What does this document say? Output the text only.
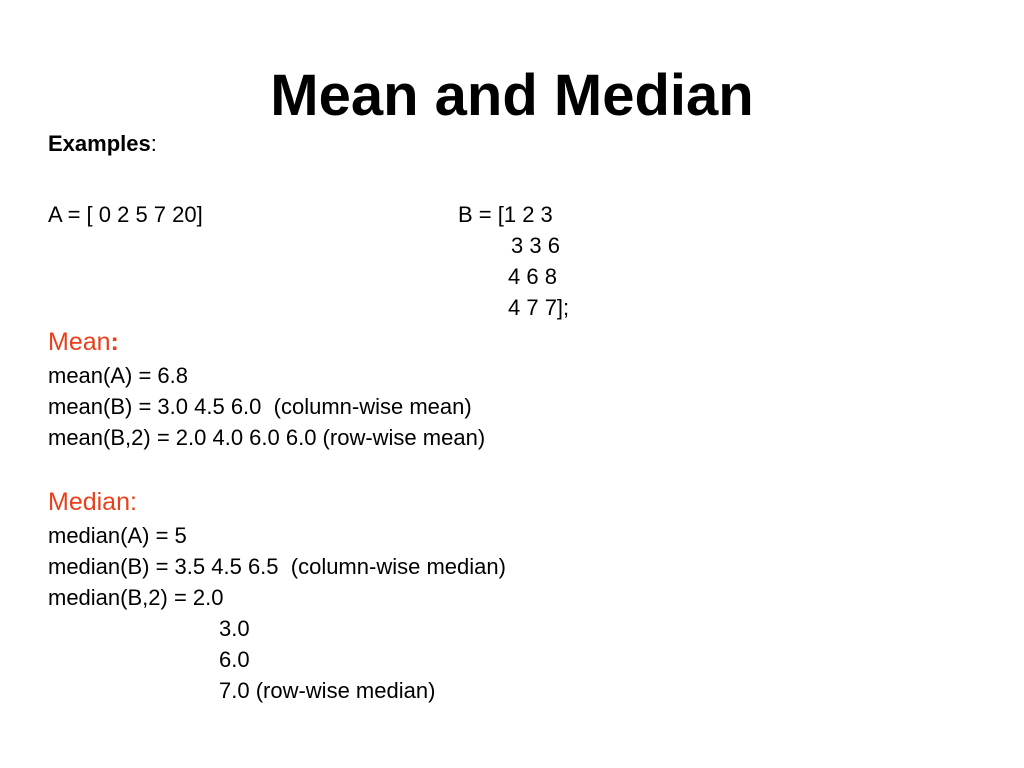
Mean and Median
Examples:
A = [ 0 2 5 7 20]	B = [1 2 3
3 3 6
4 6 8
4 7 7];
Mean:
mean(A) = 6.8
mean(B) = 3.0 4.5 6.0  (column-wise mean)
mean(B,2) = 2.0 4.0 6.0 6.0 (row-wise mean)
Median:
median(A) = 5
median(B) = 3.5 4.5 6.5  (column-wise median)
median(B,2) = 2.0
3.0
6.0
7.0 (row-wise median)
